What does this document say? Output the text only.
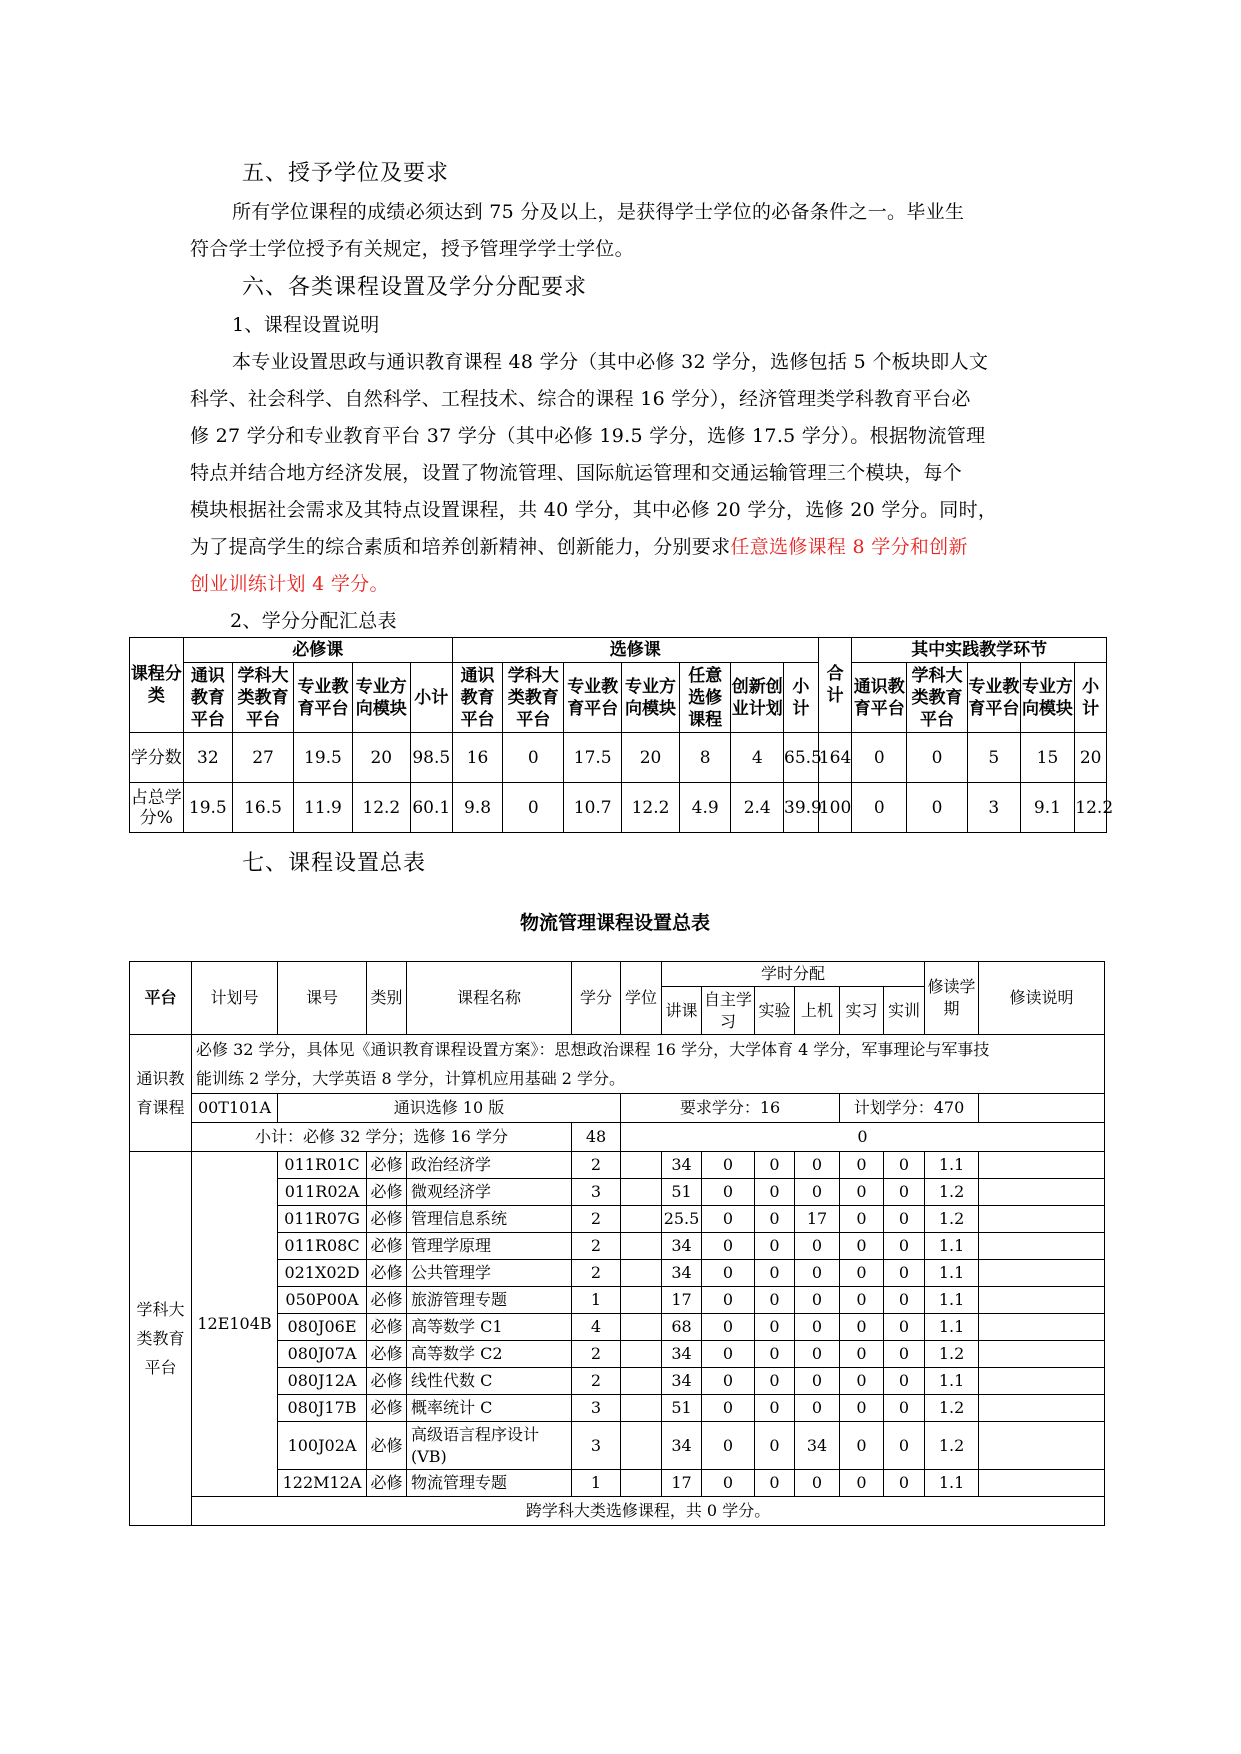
五、授予学位及要求
所有学位课程的成绩必须达到 75 分及以上，是获得学士学位的必备条件之一。毕业生
符合学士学位授予有关规定，授予管理学学士学位。
六、各类课程设置及学分分配要求
1、课程设置说明
本专业设置思政与通识教育课程 48 学分（其中必修 32 学分，选修包括 5 个板块即人文
科学、社会科学、自然科学、工程技术、综合的课程 16 学分），经济管理类学科教育平台必
修 27 学分和专业教育平台 37 学分（其中必修 19.5 学分，选修 17.5 学分）。根据物流管理
特点并结合地方经济发展，设置了物流管理、国际航运管理和交通运输管理三个模块，每个
模块根据社会需求及其特点设置课程，共 40 学分，其中必修 20 学分，选修 20 学分。同时，
为了提高学生的综合素质和培养创新精神、创新能力，分别要求任意选修课程 8 学分和创新
创业训练计划 4 学分。
2、学分分配汇总表
课程分类	必修课					选修课							合计	其中实践教学环节				
	通识教育平台	学科大类教育平台	专业教育平台	专业方向模块	小计	通识教育平台	学科大类教育平台	专业教育平台	专业方向模块	任意选修课程	创新创业计划	小计		通识教育平台	学科大类教育平台	专业教育平台	专业方向模块	小计
学分数	32	27	19.5	20	98.5	16	0	17.5	20	8	4	65.5	164	0	0	5	15	20
占总学分%	19.5	16.5	11.9	12.2	60.1	9.8	0	10.7	12.2	4.9	2.4	39.9	100	0	0	3	9.1	12.2
七、课程设置总表
物流管理课程设置总表
平台	计划号	课号	类别	课程名称	学分	学位	学时分配						修读学期	修读说明
							讲课	自主学习	实验	上机	实习	实训		
通识教育课程	必修 32 学分，具体见《通识教育课程设置方案》：思想政治课程 16 学分，大学体育 4 学分，军事理论与军事技
能训练 2 学分，大学英语 8 学分，计算机应用基础 2 学分。													
	00T101A	通识选修 10 版				要求学分：16					计划学分：470			
	小计：必修 32 学分；选修 16 学分				48	0								
学科大类教育平台	12E104B	011R01C	必修	政治经济学	2		34	0	0	0	0	0	1.1	
		011R02A	必修	微观经济学	3		51	0	0	0	0	0	1.2	
		011R07G	必修	管理信息系统	2		25.5	0	0	17	0	0	1.2	
		011R08C	必修	管理学原理	2		34	0	0	0	0	0	1.1	
		021X02D	必修	公共管理学	2		34	0	0	0	0	0	1.1	
		050P00A	必修	旅游管理专题	1		17	0	0	0	0	0	1.1	
		080J06E	必修	高等数学 C1	4		68	0	0	0	0	0	1.1	
		080J07A	必修	高等数学 C2	2		34	0	0	0	0	0	1.2	
		080J12A	必修	线性代数 C	2		34	0	0	0	0	0	1.1	
		080J17B	必修	概率统计 C	3		51	0	0	0	0	0	1.2	
		100J02A	必修	高级语言程序设计(VB)	3		34	0	0	34	0	0	1.2	
		122M12A	必修	物流管理专题	1		17	0	0	0	0	0	1.1	
	跨学科大类选修课程，共 0 学分。													
